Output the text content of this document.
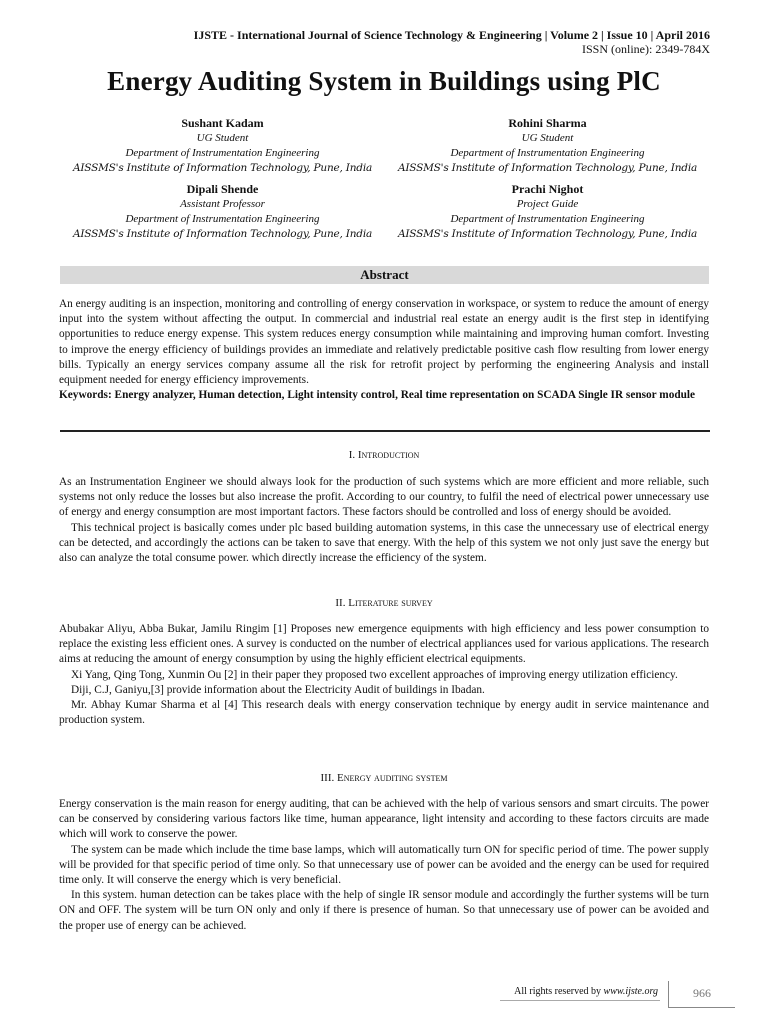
IJSTE - International Journal of Science Technology & Engineering | Volume 2 | Issue 10 | April 2016
ISSN (online): 2349-784X
Energy Auditing System in Buildings using PlC
Sushant Kadam
UG Student
Department of Instrumentation Engineering
AISSMS's Institute of Information Technology, Pune, India
Rohini Sharma
UG Student
Department of Instrumentation Engineering
AISSMS's Institute of Information Technology, Pune, India
Dipali Shende
Assistant Professor
Department of Instrumentation Engineering
AISSMS's Institute of Information Technology, Pune, India
Prachi Nighot
Project Guide
Department of Instrumentation Engineering
AISSMS's Institute of Information Technology, Pune, India
Abstract

An energy auditing is an inspection, monitoring and controlling of energy conservation in workspace, or system to reduce the amount of energy input into the system without affecting the output. In commercial and industrial real estate an energy audit is the first step in identifying opportunities to reduce energy expense. This system reduces energy consumption while maintaining and improving human comfort. Investing to improve the energy efficiency of buildings provides an immediate and relatively predictable positive cash flow resulting from lower energy bills. Typically an energy services company assume all the risk for retrofit project by performing the engineering Analysis and install equipment needed for energy efficiency improvements.

Keywords: Energy analyzer, Human detection, Light intensity control, Real time representation on SCADA Single IR sensor module

I. Introduction

As an Instrumentation Engineer we should always look for the production of such systems which are more efficient and more reliable, such systems not only reduce the losses but also increase the profit. According to our country, to fulfil the need of electrical power unnecessary use of energy and energy consumption are most important factors. These factors should be controlled and loss of energy should be avoided.

This technical project is basically comes under plc based building automation systems, in this case the unnecessary use of electrical energy can be detected, and accordingly the actions can be taken to save that energy. With the help of this system we not only just save the energy but also can analyze the total consume power. which directly increase the efficiency of the system.

II. Literature survey

Abubakar Aliyu, Abba Bukar, Jamilu Ringim [1] Proposes new emergence equipments with high efficiency and less power consumption to replace the existing less efficient ones. A survey is conducted on the number of electrical appliances used for various applications. The research aims at reducing the amount of energy consumption by using the highly efficient electrical equipments.

Xi Yang, Qing Tong, Xunmin Ou [2] in their paper they proposed two excellent approaches of improving energy utilization efficiency.

Diji, C.J, Ganiyu,[3] provide information about the Electricity Audit of buildings in Ibadan.

Mr. Abhay Kumar Sharma et al [4] This research deals with energy conservation technique by energy audit in service maintenance and production system.

III. Energy auditing system

Energy conservation is the main reason for energy auditing, that can be achieved with the help of various sensors and smart circuits. The power can be conserved by considering various factors like time, human appearance, light intensity and according to these factors circuits are made which will work to conserve the power.

The system can be made which include the time base lamps, which will automatically turn ON for specific period of time. The power supply will be provided for that specific period of time only. So that unnecessary use of power can be avoided and the energy can be used for required time only. It will conserve the energy which is very beneficial.

In this system. human detection can be takes place with the help of single IR sensor module and accordingly the further systems will be turn ON and OFF. The system will be turn ON only and only if there is presence of human. So that unnecessary use of power can be avoided and the proper use of energy can be achieved.

All rights reserved by www.ijste.org	966
